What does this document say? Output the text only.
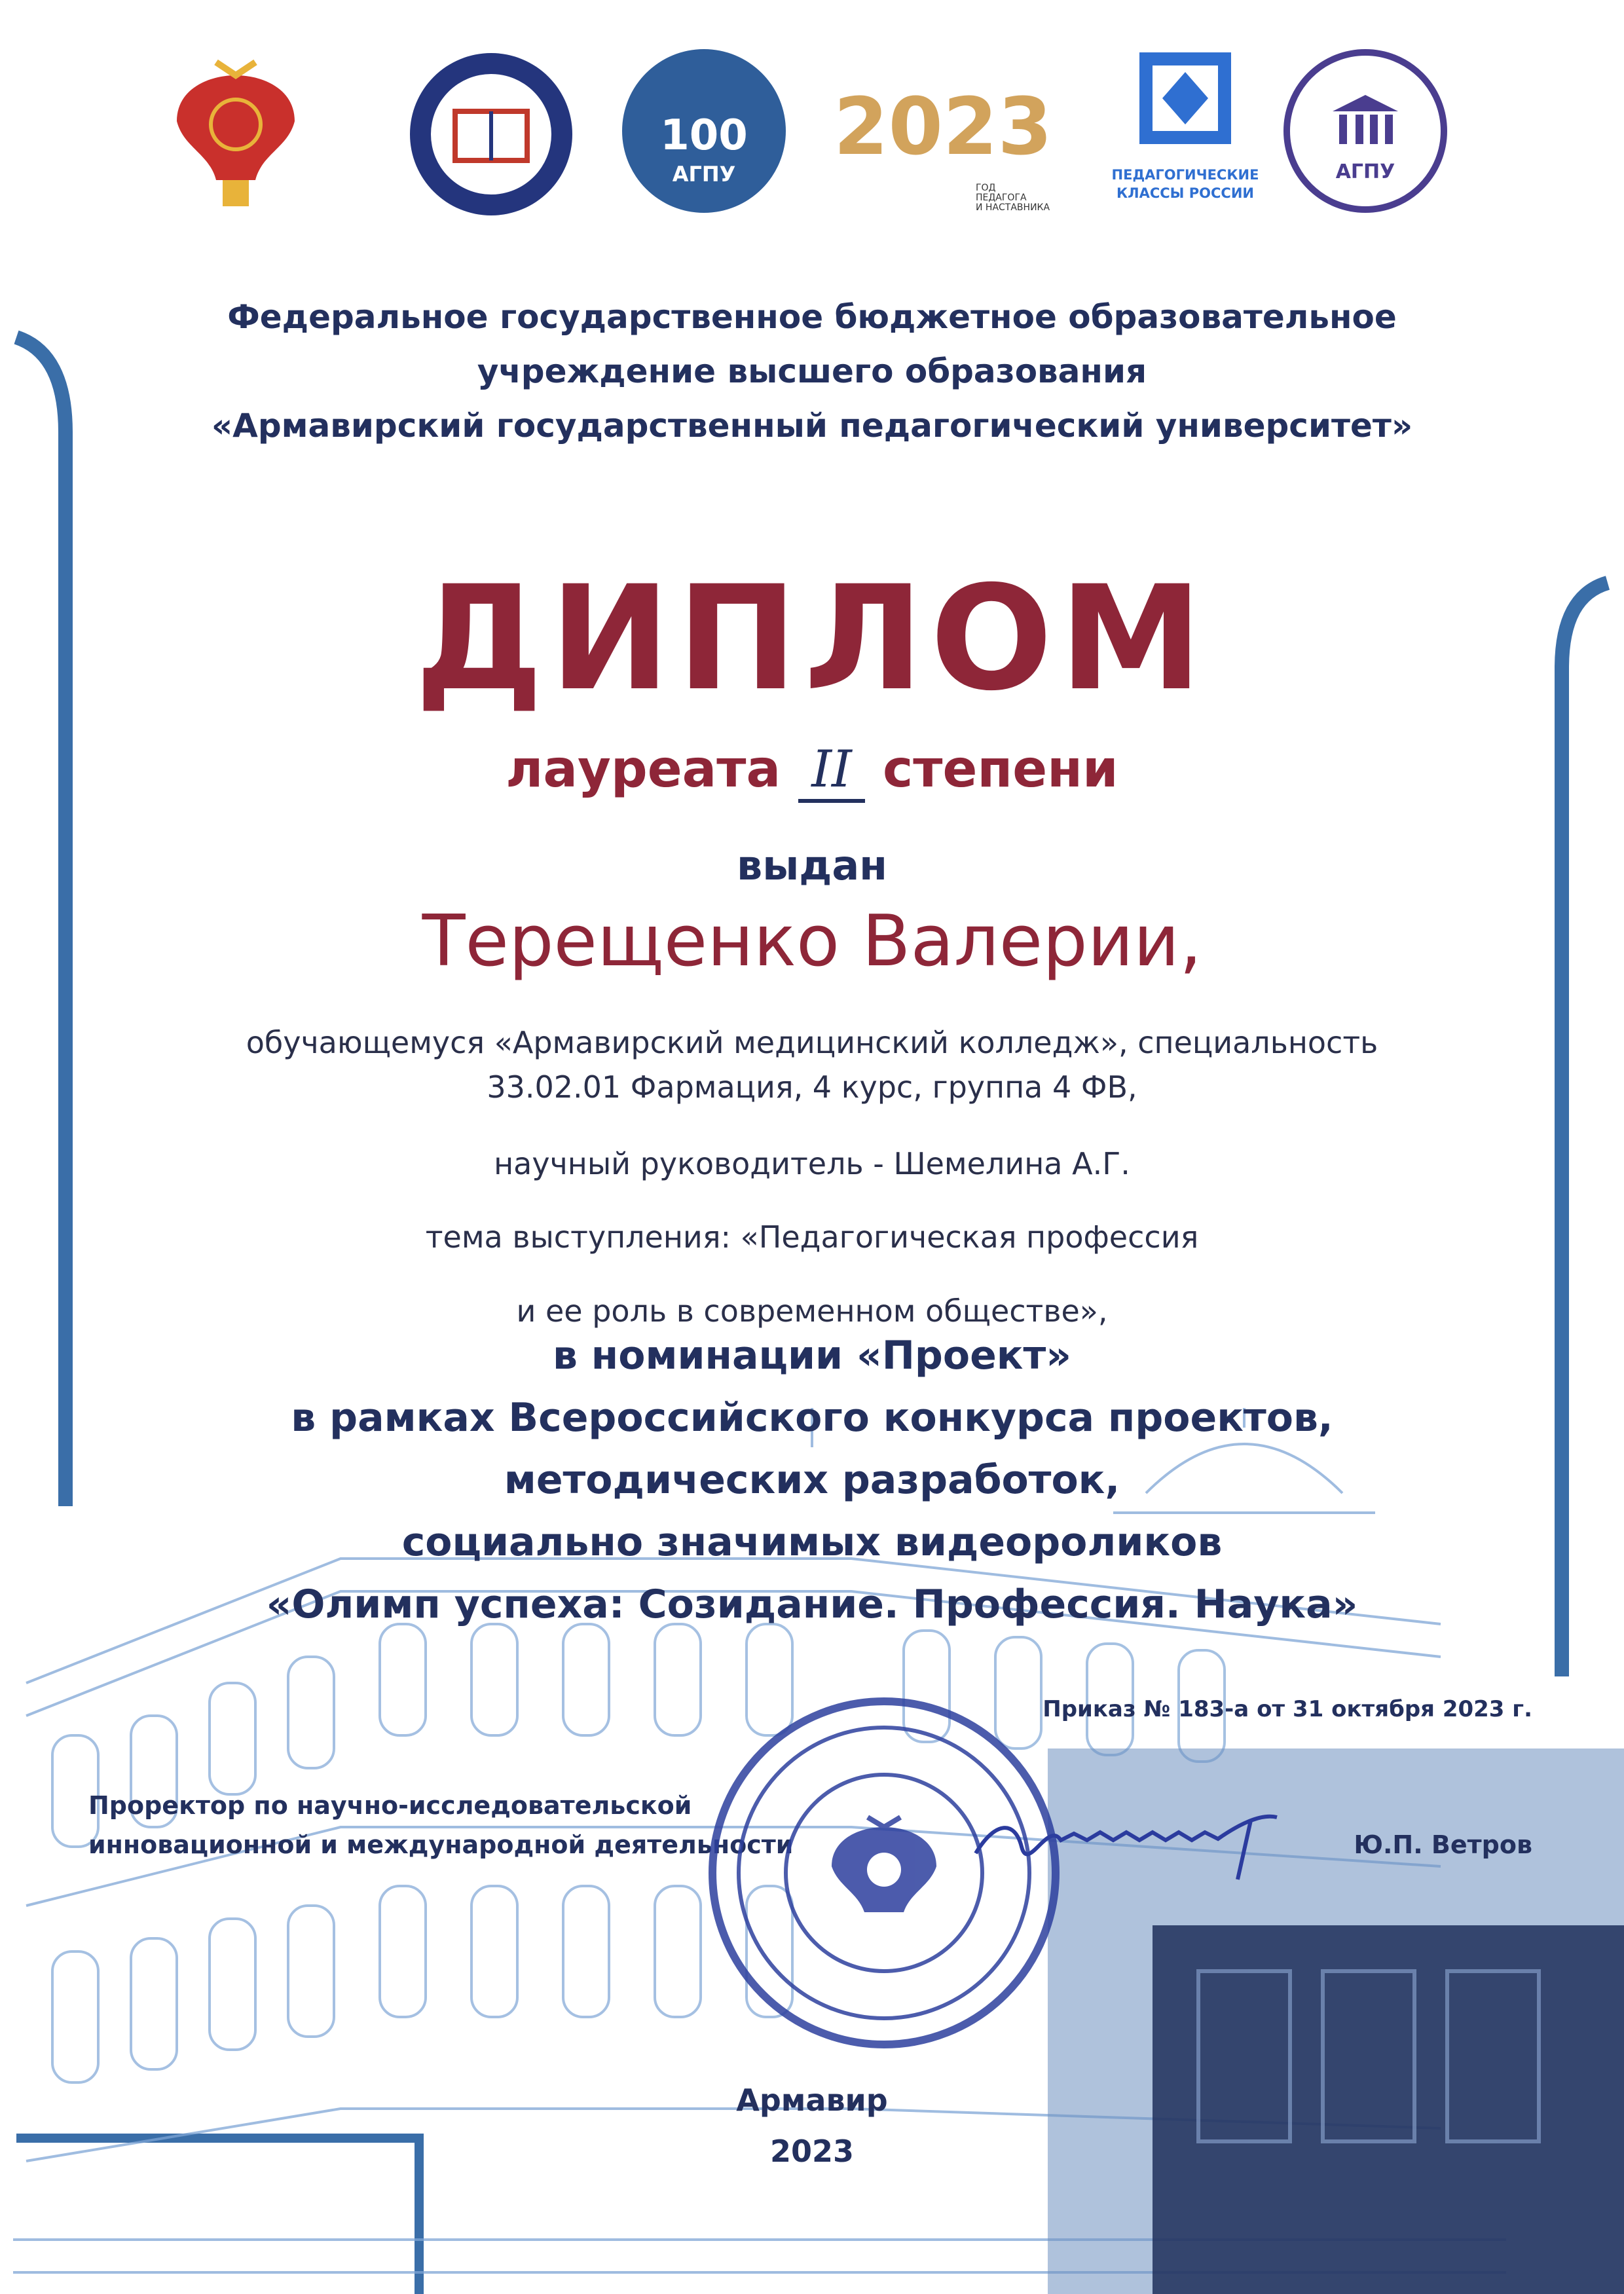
100
АГПУ
2023
ГОД
ПЕДАГОГА
И НАСТАВНИКА
ПЕДАГОГИЧЕСКИЕ
КЛАССЫ РОССИИ
АГПУ
Федеральное государственное бюджетное образовательное
учреждение высшего образования
«Армавирский государственный педагогический университет»
ДИПЛОМ
лауреата II степени
выдан
Терещенко Валерии,
обучающемуся «Армавирский медицинский колледж», специальность
33.02.01 Фармация, 4 курс, группа 4 ФВ,
научный руководитель - Шемелина А.Г.
тема выступления: «Педагогическая профессия
и ее роль в современном обществе»,
в номинации «Проект»
в рамках Всероссийского конкурса проектов,
методических разработок,
социально значимых видеороликов
«Олимп успеха: Созидание. Профессия. Наука»
Приказ № 183-а от 31 октября 2023 г.
Проректор по научно-исследовательской
инновационной и международной деятельности	Ю.П. Ветров
Армавир
2023
